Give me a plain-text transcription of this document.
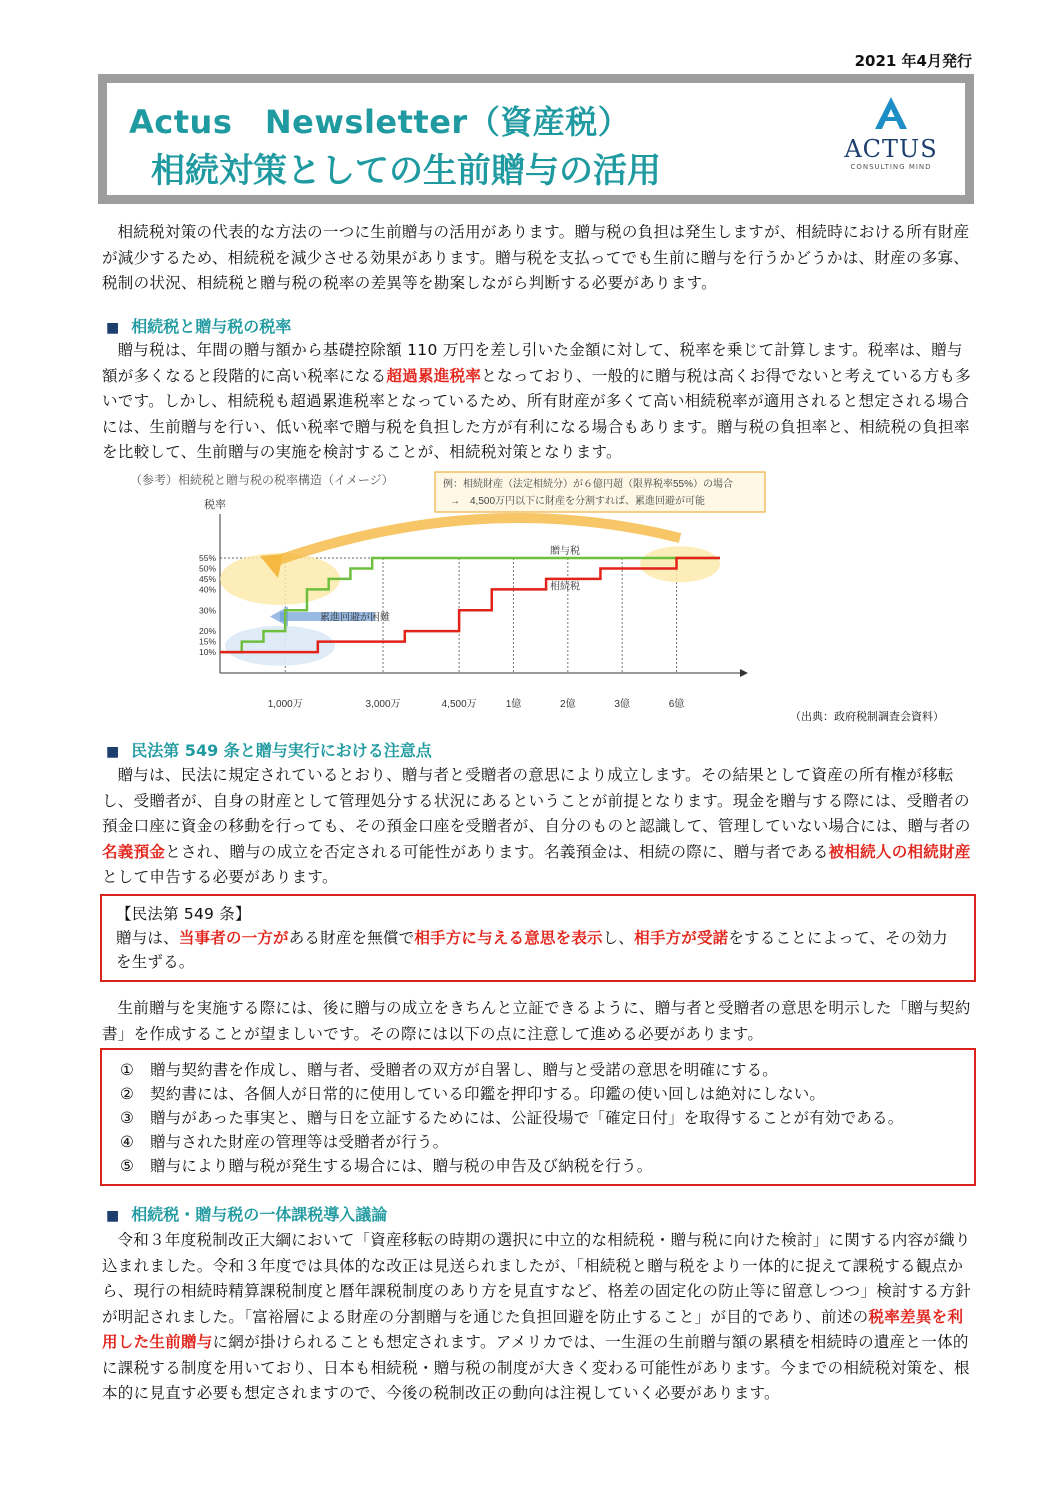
2021 年4月発行
Actus　Newsletter（資産税）
相続対策としての生前贈与の活用
ACTUS
CONSULTING MIND

相続税対策の代表的な方法の一つに生前贈与の活用があります。贈与税の負担は発生しますが、相続時における所有財産が減少するため、相続税を減少させる効果があります。贈与税を支払ってでも生前に贈与を行うかどうかは、財産の多寡、税制の状況、相続税と贈与税の税率の差異等を勘案しながら判断する必要があります。

■ 相続税と贈与税の税率

贈与税は、年間の贈与額から基礎控除額 110 万円を差し引いた金額に対して、税率を乗じて計算します。税率は、贈与額が多くなると段階的に高い税率になる超過累進税率となっており、一般的に贈与税は高くお得でないと考えている方も多いです。しかし、相続税も超過累進税率となっているため、所有財産が多くて高い相続税率が適用されると想定される場合には、生前贈与を行い、低い税率で贈与税を負担した方が有利になる場合もあります。贈与税の負担率と、相続税の負担率を比較して、生前贈与の実施を検討することが、相続税対策となります。

（参考）相続税と贈与税の税率構造（イメージ）	例：相続財産（法定相続分）が６億円超（限界税率55%）の場合
→　4,500万円以下に財産を分割すれば、累進回避が可能
税率
累進回避が困難
贈与税
相続税
10%
15%
20%
30%
40%
45%
50%
55%
1,000万	3,000万	4,500万	1億	2億	3億	6億
（出典：政府税制調査会資料）
■ 民法第 549 条と贈与実行における注意点

贈与は、民法に規定されているとおり、贈与者と受贈者の意思により成立します。その結果として資産の所有権が移転し、受贈者が、自身の財産として管理処分する状況にあるということが前提となります。現金を贈与する際には、受贈者の預金口座に資金の移動を行っても、その預金口座を受贈者が、自分のものと認識して、管理していない場合には、贈与者の名義預金とされ、贈与の成立を否定される可能性があります。名義預金は、相続の際に、贈与者である被相続人の相続財産として申告する必要があります。

【民法第 549 条】
贈与は、当事者の一方がある財産を無償で相手方に与える意思を表示し、相手方が受諾をすることによって、その効力を生ずる。

生前贈与を実施する際には、後に贈与の成立をきちんと立証できるように、贈与者と受贈者の意思を明示した「贈与契約書」を作成することが望ましいです。その際には以下の点に注意して進める必要があります。

①	贈与契約書を作成し、贈与者、受贈者の双方が自署し、贈与と受諾の意思を明確にする。
②	契約書には、各個人が日常的に使用している印鑑を押印する。印鑑の使い回しは絶対にしない。
③	贈与があった事実と、贈与日を立証するためには、公証役場で「確定日付」を取得することが有効である。
④	贈与された財産の管理等は受贈者が行う。
⑤	贈与により贈与税が発生する場合には、贈与税の申告及び納税を行う。
■ 相続税・贈与税の一体課税導入議論

令和３年度税制改正大綱において「資産移転の時期の選択に中立的な相続税・贈与税に向けた検討」に関する内容が織り込まれました。令和３年度では具体的な改正は見送られましたが、「相続税と贈与税をより一体的に捉えて課税する観点から、現行の相続時精算課税制度と暦年課税制度のあり方を見直すなど、格差の固定化の防止等に留意しつつ」検討する方針が明記されました。「富裕層による財産の分割贈与を通じた負担回避を防止すること」が目的であり、前述の税率差異を利用した生前贈与に網が掛けられることも想定されます。アメリカでは、一生涯の生前贈与額の累積を相続時の遺産と一体的に課税する制度を用いており、日本も相続税・贈与税の制度が大きく変わる可能性があります。今までの相続税対策を、根本的に見直す必要も想定されますので、今後の税制改正の動向は注視していく必要があります。
